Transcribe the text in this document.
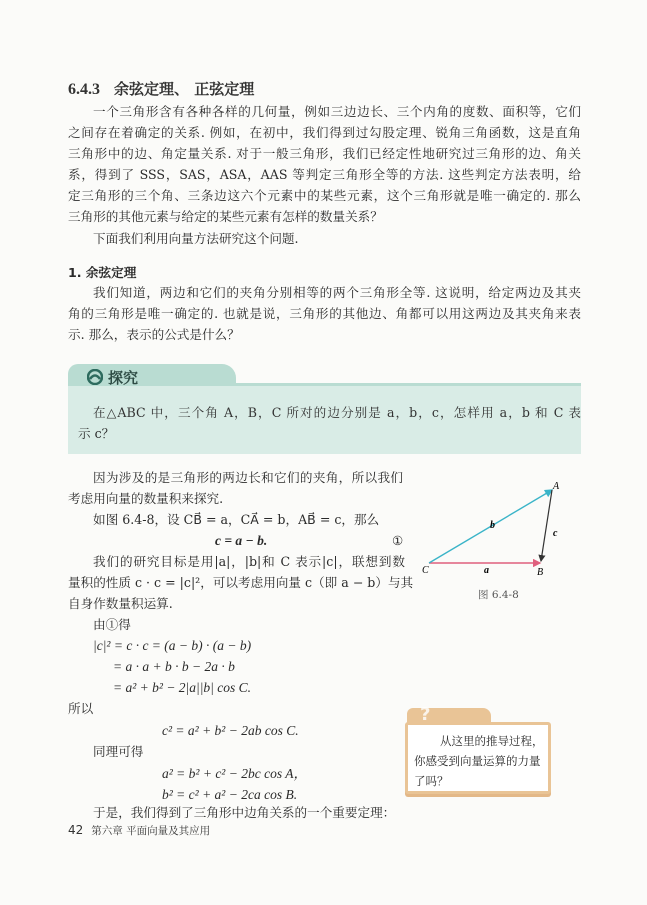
6.4.3 余弦定理、 正弦定理
一个三角形含有各种各样的几何量，例如三边边长、三个内角的度数、面积等，它们
之间存在着确定的关系. 例如，在初中，我们得到过勾股定理、锐角三角函数，这是直角
三角形中的边、角定量关系. 对于一般三角形，我们已经定性地研究过三角形的边、角关
系，得到了 SSS，SAS，ASA，AAS 等判定三角形全等的方法. 这些判定方法表明，给
定三角形的三个角、三条边这六个元素中的某些元素，这个三角形就是唯一确定的. 那么
三角形的其他元素与给定的某些元素有怎样的数量关系？
下面我们利用向量方法研究这个问题.
1. 余弦定理
我们知道，两边和它们的夹角分别相等的两个三角形全等. 这说明，给定两边及其夹
角的三角形是唯一确定的. 也就是说，三角形的其他边、角都可以用这两边及其夹角来表
示. 那么，表示的公式是什么？
探究
在△ABC 中，三个角 A，B，C 所对的边分别是 a，b，c，怎样用 a，b 和 C 表
示 c？
因为涉及的是三角形的两边长和它们的夹角，所以我们
考虑用向量的数量积来探究.
如图 6.4-8，设 CB⃗ = a，CA⃗ = b，AB⃗ = c，那么
c = a − b.	①
我们的研究目标是用|a|，|b|和 C 表示|c|，联想到数
量积的性质 c · c = |c|²，可以考虑用向量 c（即 a − b）与其
自身作数量积运算.
由①得
|c|² = c · c = (a − b) · (a − b)
= a · a + b · b − 2a · b
= a² + b² − 2|a||b| cos C.
所以
c² = a² + b² − 2ab cos C.
同理可得
a² = b² + c² − 2bc cos A，
b² = c² + a² − 2ca cos B.
于是，我们得到了三角形中边角关系的一个重要定理：
A
B
C	a
b
c
图 6.4-8
从这里的推导过程，
你感受到向量运算的力量
了吗？
?
42 第六章 平面向量及其应用
